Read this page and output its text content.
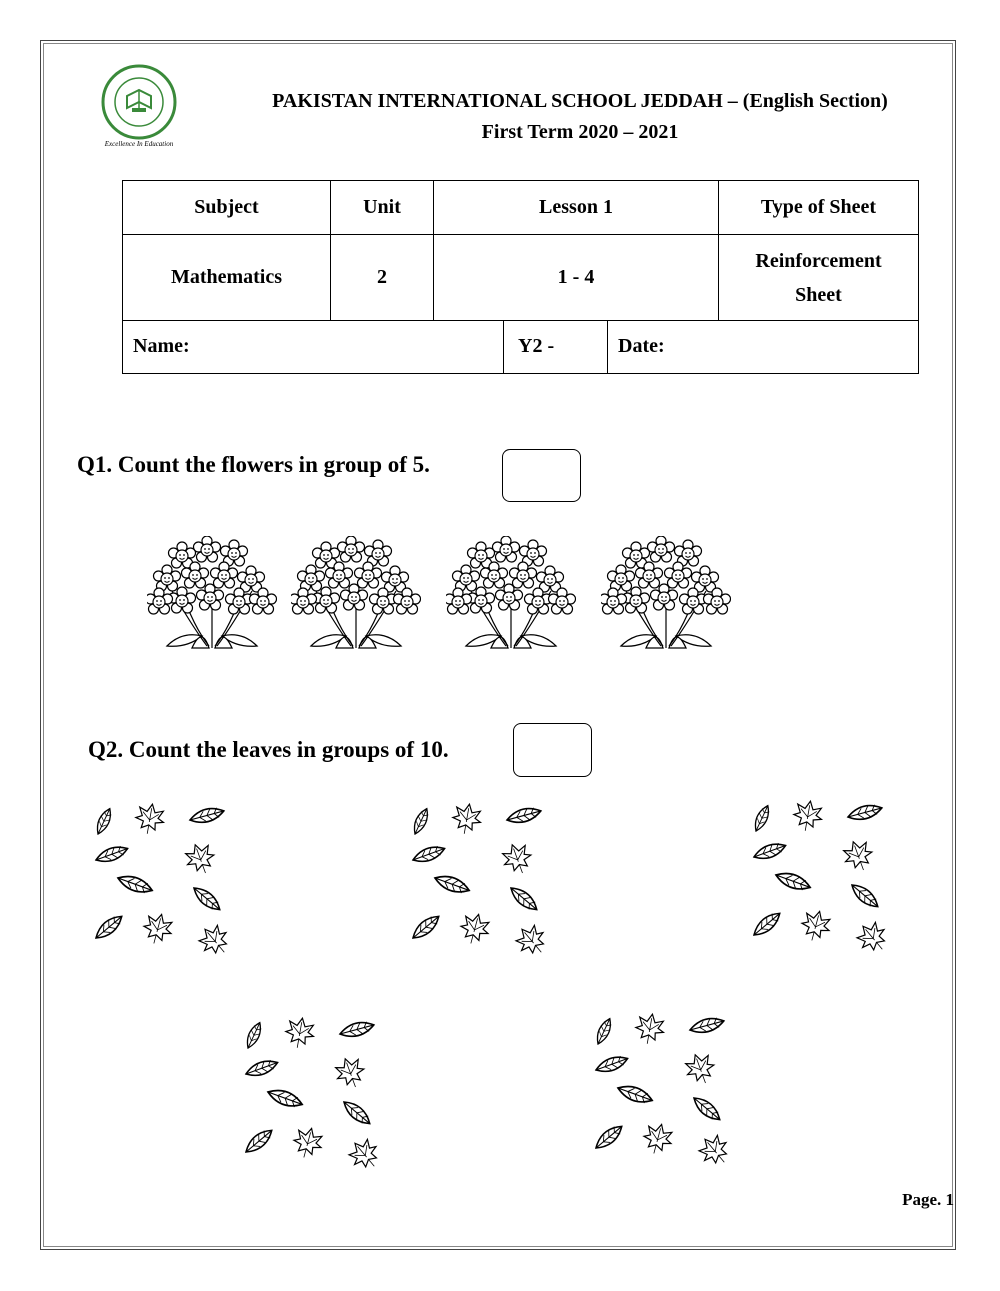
Excellence In Education
PAKISTAN INTERNATIONAL SCHOOL JEDDAH – (English Section)
First Term 2020 – 2021
Subject	Unit	Lesson 1	Type of Sheet
Mathematics	2	1 - 4	Reinforcement
Sheet
Name:	Y2 -	Date:
Q1. Count the flowers in group of 5.
Q2. Count the leaves in groups of 10.
Page. 1
